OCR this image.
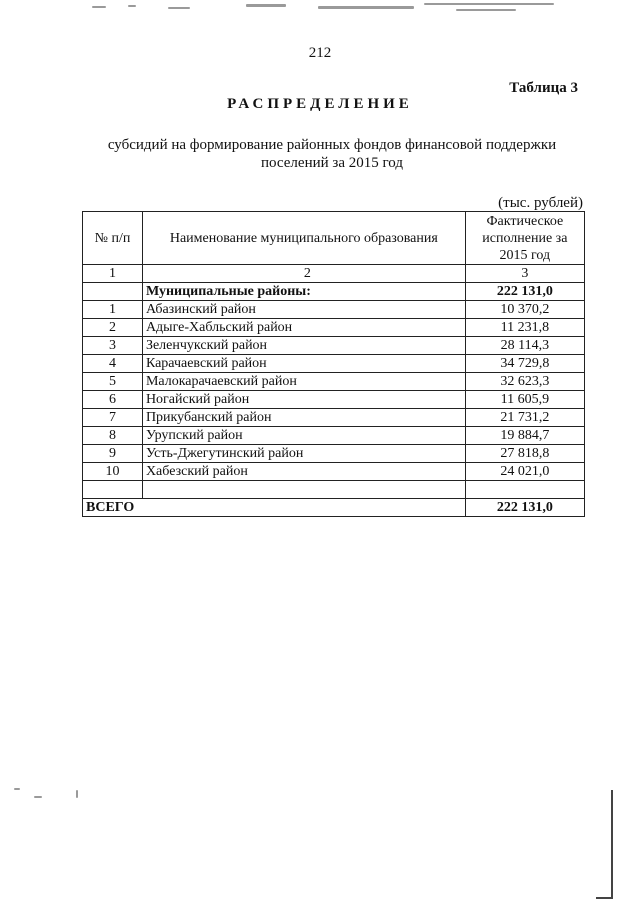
212
Таблица 3
РАСПРЕДЕЛЕНИЕ
субсидий на формирование районных фондов финансовой поддержки
поселений за 2015 год
(тыс. рублей)
№ п/п	Наименование муниципального образования	Фактическое исполнение за 2015 год
1	2	3
	Муниципальные районы:	222 131,0
1	Абазинский район	10 370,2
2	Адыге-Хабльский район	11 231,8
3	Зеленчукский район	28 114,3
4	Карачаевский район	34 729,8
5	Малокарачаевский район	32 623,3
6	Ногайский район	11 605,9
7	Прикубанский район	21 731,2
8	Урупский район	19 884,7
9	Усть-Джегутинский район	27 818,8
10	Хабезский район	24 021,0

ВСЕГО		222 131,0
